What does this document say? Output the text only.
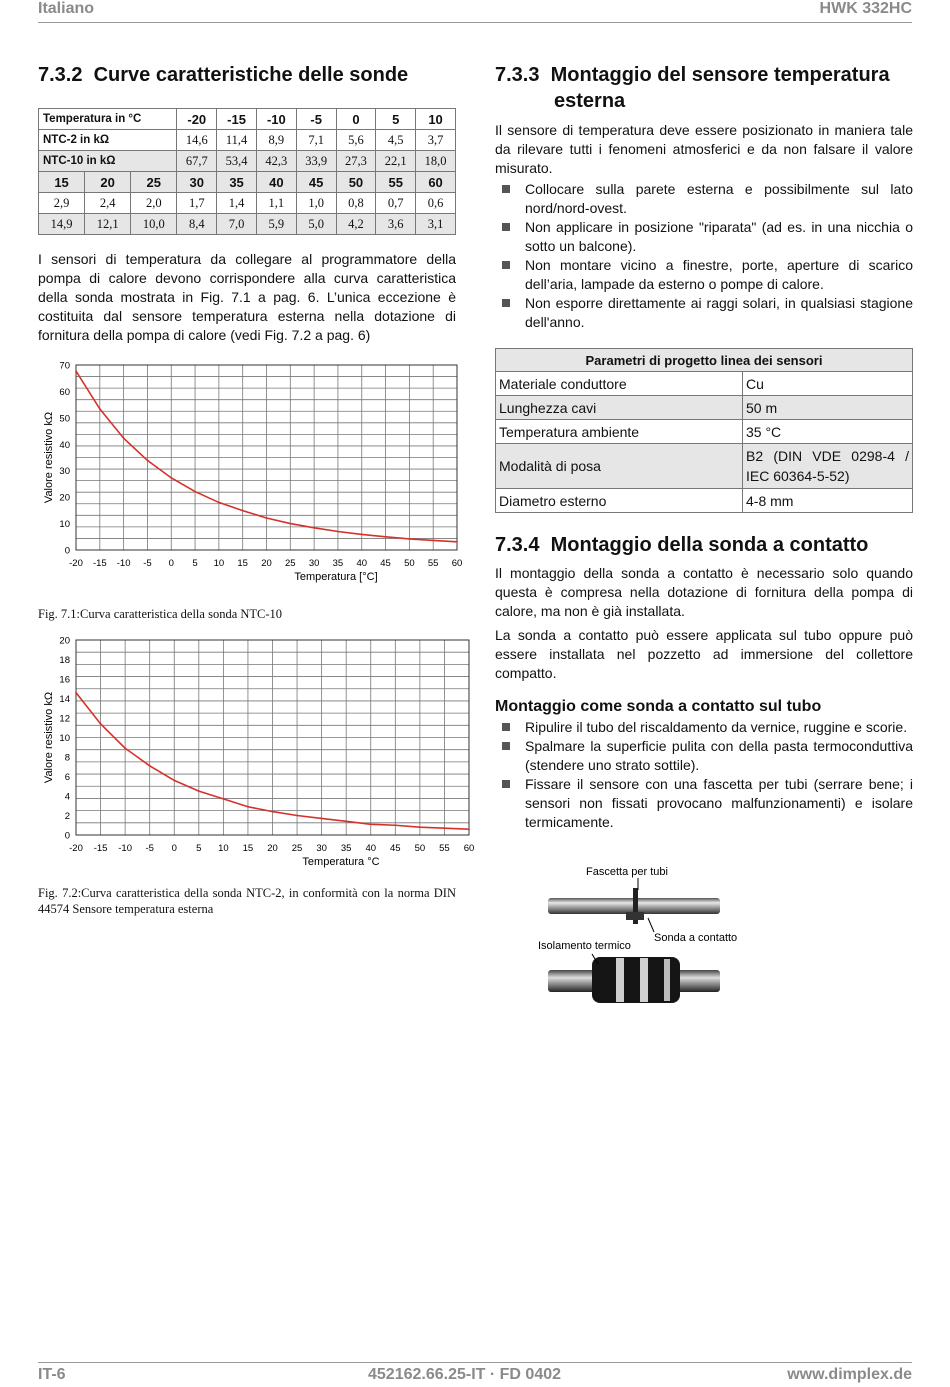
Italiano	HWK 332HC
7.3.2 Curve caratteristiche delle sonde
Temperatura in °C			-20	-15	-10	-5	0	5	10
NTC-2 in kΩ			14,6	11,4	8,9	7,1	5,6	4,5	3,7
NTC-10 in kΩ			67,7	53,4	42,3	33,9	27,3	22,1	18,0
15	20	25	30	35	40	45	50	55	60
2,9	2,4	2,0	1,7	1,4	1,1	1,0	0,8	0,7	0,6
14,9	12,1	10,0	8,4	7,0	5,9	5,0	4,2	3,6	3,1

I sensori di temperatura da collegare al programmatore della pompa di calore devono corrispondere alla curva caratteristica della sonda mostrata in Fig. 7.1 a pag. 6. L’unica eccezione è costituita dal sensore temperatura esterna nella dotazione di fornitura della pompa di calore (vedi Fig. 7.2 a pag. 6)

0
10
20
30
40
50
60
70
-20 -15 -10 -5 0 5 10 15 20 25 30 35 40 45 50 55 60
Temperatura [°C]
Valore resistivo kΩ
Fig. 7.1:Curva caratteristica della sonda NTC-10
0
2
4
6
8
10
12
14
16
18
20
-20 -15 -10 -5 0 5 10 15 20 25 30 35 40 45 50 55 60
Temperatura °C
Valore resistivo kΩ
Fig. 7.2:Curva caratteristica della sonda NTC-2, in conformità con la norma DIN 44574 Sensore temperatura esterna
7.3.3 Montaggio del sensore temperatura
esterna

Il sensore di temperatura deve essere posizionato in maniera tale da rilevare tutti i fenomeni atmosferici e da non falsare il valore misurato.

Collocare sulla parete esterna e possibilmente sul lato nord/nord-ovest.
Non applicare in posizione "riparata" (ad es. in una nicchia o sotto un balcone).
Non montare vicino a finestre, porte, aperture di scarico dell’aria, lampade da esterno o pompe di calore.
Non esporre direttamente ai raggi solari, in qualsiasi stagione dell'anno.
Parametri di progetto linea dei sensori	
Materiale conduttore	Cu
Lunghezza cavi	50 m
Temperatura ambiente	35 °C
Modalità di posa	B2 (DIN VDE 0298-4 / IEC 60364-5-52)
Diametro esterno	4-8 mm
7.3.4 Montaggio della sonda a contatto

Il montaggio della sonda a contatto è necessario solo quando questa è compresa nella dotazione di fornitura della pompa di calore, ma non è già installata.

La sonda a contatto può essere applicata sul tubo oppure può essere installata nel pozzetto ad immersione del collettore compatto.

Montaggio come sonda a contatto sul tubo
Ripulire il tubo del riscaldamento da vernice, ruggine e scorie.
Spalmare la superficie pulita con della pasta termoconduttiva (stendere uno strato sottile).
Fissare il sensore con una fascetta per tubi (serrare bene; i sensori non fissati provocano malfunzionamenti) e isolare termicamente.
Fascetta per tubi
Isolamento termico
Sonda a contatto
IT-6	452162.66.25-IT · FD 0402	www.dimplex.de
